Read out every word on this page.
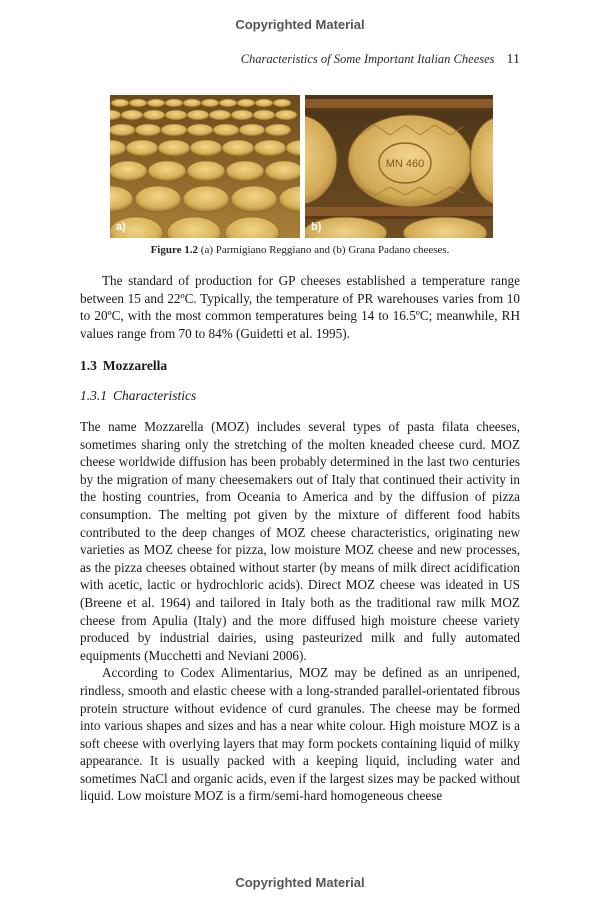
Copyrighted Material
Characteristics of Some Important Italian Cheeses 11
a)
MN 460
b)
Figure 1.2 (a) Parmigiano Reggiano and (b) Grana Padano cheeses.

The standard of production for GP cheeses established a temperature range between 15 and 22ºC. Typically, the temperature of PR warehouses varies from 10 to 20ºC, with the most common temperatures being 14 to 16.5ºC; meanwhile, RH values range from 70 to 84% (Guidetti et al. 1995).

1.3 Mozzarella
1.3.1 Characteristics

The name Mozzarella (MOZ) includes several types of pasta filata cheeses, sometimes sharing only the stretching of the molten kneaded cheese curd. MOZ cheese worldwide diffusion has been probably determined in the last two centuries by the migration of many cheesemakers out of Italy that continued their activity in the hosting countries, from Oceania to America and by the diffusion of pizza consumption. The melting pot given by the mixture of different food habits contributed to the deep changes of MOZ cheese characteristics, originating new varieties as MOZ cheese for pizza, low moisture MOZ cheese and new processes, as the pizza cheeses obtained without starter (by means of milk direct acidification with acetic, lactic or hydrochloric acids). Direct MOZ cheese was ideated in US (Breene et al. 1964) and tailored in Italy both as the traditional raw milk MOZ cheese from Apulia (Italy) and the more diffused high moisture cheese variety produced by industrial dairies, using pasteurized milk and fully automated equipments (Mucchetti and Neviani 2006).

According to Codex Alimentarius, MOZ may be defined as an unripened, rindless, smooth and elastic cheese with a long-stranded parallel-orientated fibrous protein structure without evidence of curd granules. The cheese may be formed into various shapes and sizes and has a near white colour. High moisture MOZ is a soft cheese with overlying layers that may form pockets containing liquid of milky appearance. It is usually packed with a keeping liquid, including water and sometimes NaCl and organic acids, even if the largest sizes may be packed without liquid. Low moisture MOZ is a firm/semi-hard homogeneous cheese

Copyrighted Material
